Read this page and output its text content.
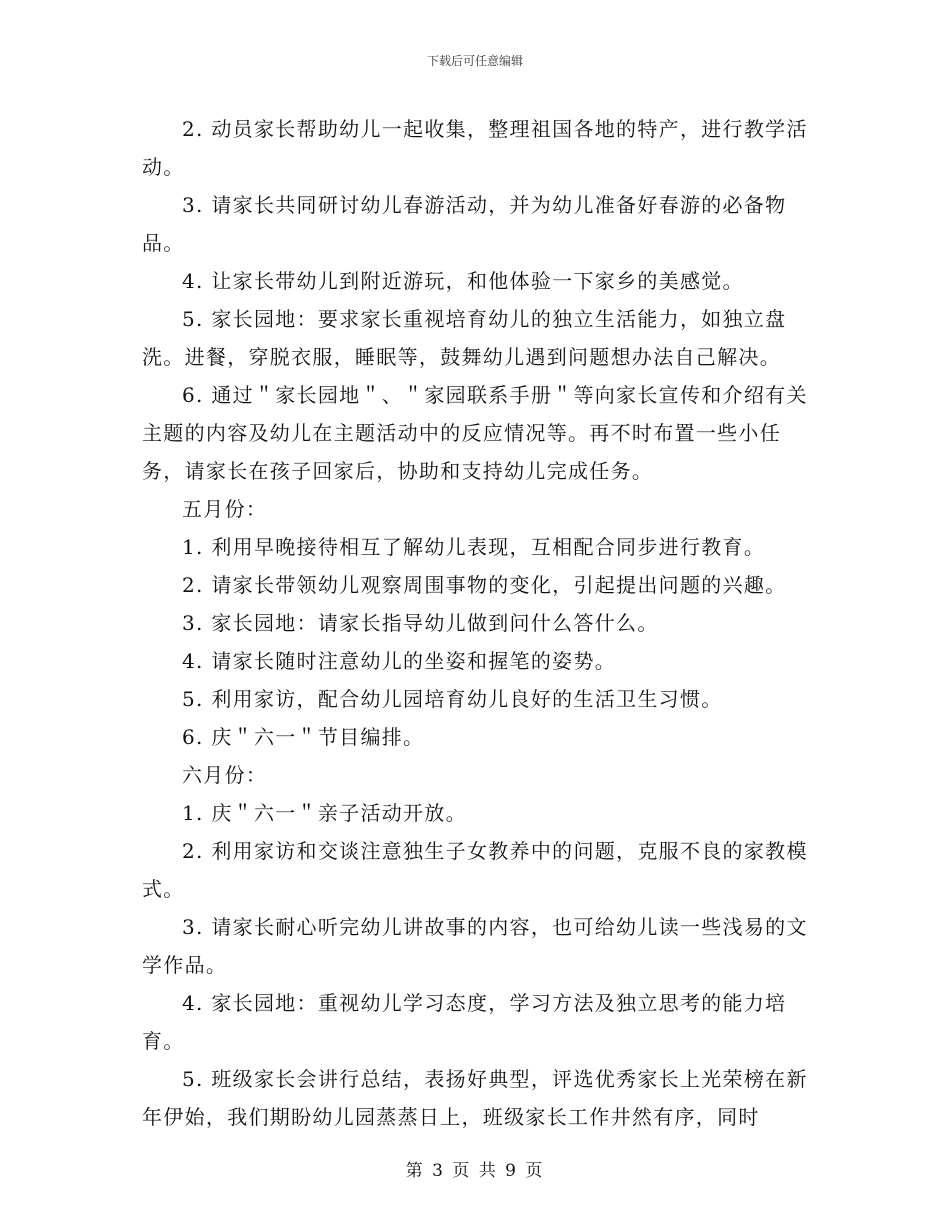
下载后可任意编辑

2. 动员家长帮助幼儿一起收集，整理祖国各地的特产，进行教学活动。

3. 请家长共同研讨幼儿春游活动，并为幼儿准备好春游的必备物品。

4. 让家长带幼儿到附近游玩，和他体验一下家乡的美感觉。

5. 家长园地：要求家长重视培育幼儿的独立生活能力，如独立盘洗。进餐，穿脱衣服，睡眠等，鼓舞幼儿遇到问题想办法自己解决。

6. 通过＂家长园地＂、＂家园联系手册＂等向家长宣传和介绍有关主题的内容及幼儿在主题活动中的反应情况等。再不时布置一些小任务，请家长在孩子回家后，协助和支持幼儿完成任务。

五月份：

1. 利用早晚接待相互了解幼儿表现，互相配合同步进行教育。

2. 请家长带领幼儿观察周围事物的变化，引起提出问题的兴趣。

3. 家长园地：请家长指导幼儿做到问什么答什么。

4. 请家长随时注意幼儿的坐姿和握笔的姿势。

5. 利用家访，配合幼儿园培育幼儿良好的生活卫生习惯。

6. 庆＂六一＂节目编排。

六月份：

1. 庆＂六一＂亲子活动开放。

2. 利用家访和交谈注意独生子女教养中的问题，克服不良的家教模式。

3. 请家长耐心听完幼儿讲故事的内容，也可给幼儿读一些浅易的文学作品。

4. 家长园地：重视幼儿学习态度，学习方法及独立思考的能力培育。

5. 班级家长会讲行总结，表扬好典型，评选优秀家长上光荣榜在新年伊始，我们期盼幼儿园蒸蒸日上，班级家长工作井然有序，同时

第 3 页 共 9 页
